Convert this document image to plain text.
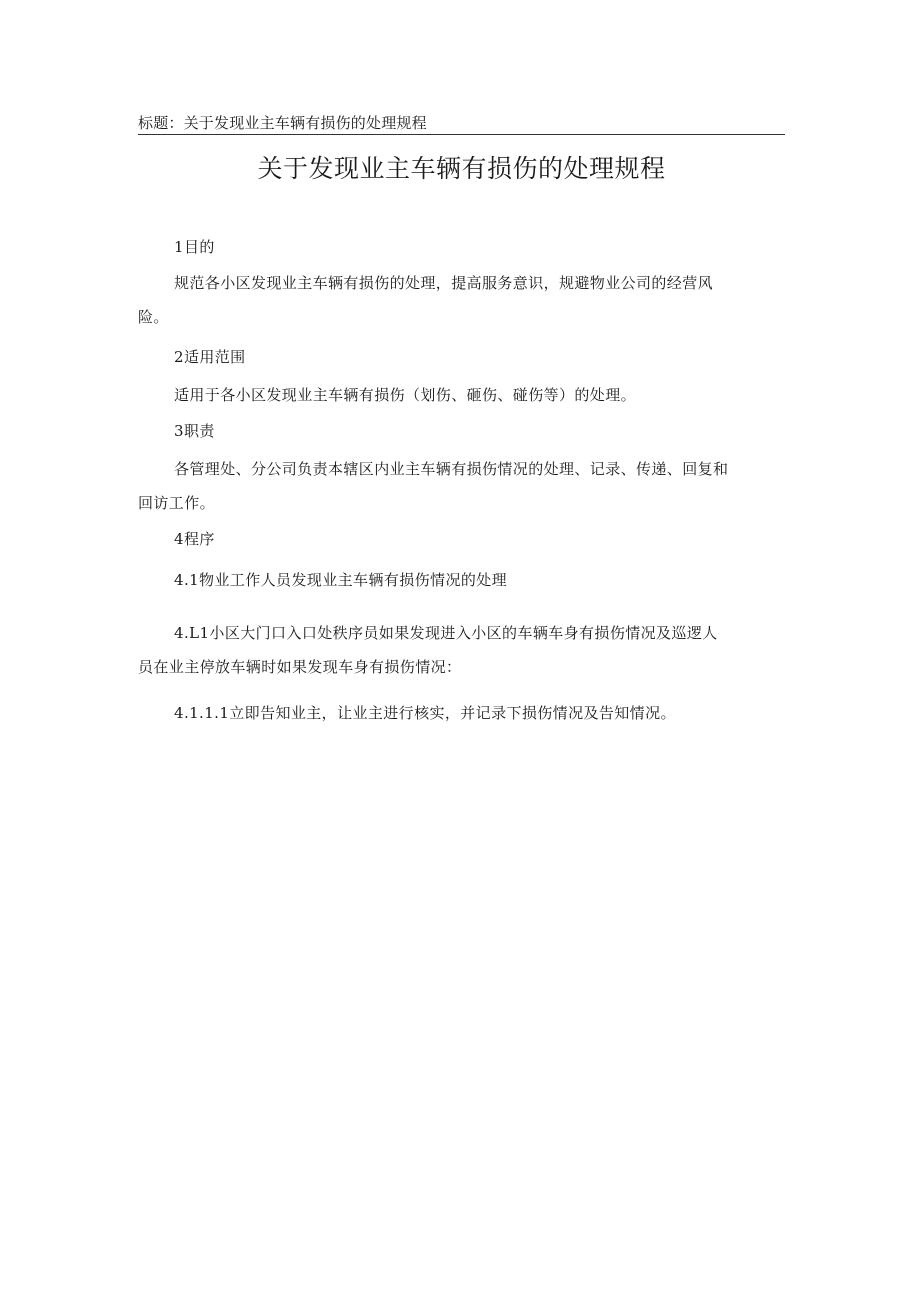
标题：关于发现业主车辆有损伤的处理规程
关于发现业主车辆有损伤的处理规程

1目的

规范各小区发现业主车辆有损伤的处理，提高服务意识，规避物业公司的经营风
险。

2适用范围

适用于各小区发现业主车辆有损伤（划伤、砸伤、碰伤等）的处理。

3职责

各管理处、分公司负责本辖区内业主车辆有损伤情况的处理、记录、传递、回复和
回访工作。

4程序

4.1物业工作人员发现业主车辆有损伤情况的处理

4.L1小区大门口入口处秩序员如果发现进入小区的车辆车身有损伤情况及巡逻人
员在业主停放车辆时如果发现车身有损伤情况：

4.1.1.1立即告知业主，让业主进行核实，并记录下损伤情况及告知情况。
